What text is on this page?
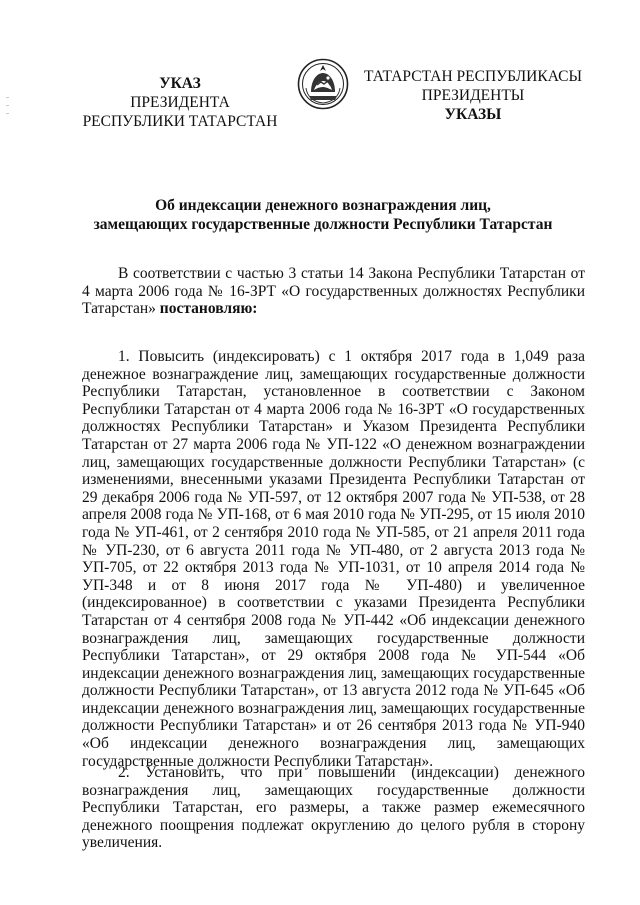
УКАЗ
ПРЕЗИДЕНТА
РЕСПУБЛИКИ ТАТАРСТАН
ТАТАРСТАН РЕСПУБЛИКАСЫ
ПРЕЗИДЕНТЫ
УКАЗЫ
Об индексации денежного вознаграждения лиц,
замещающих государственные должности Республики Татарстан

В соответствии с частью 3 статьи 14 Закона Республики Татарстан от 4 марта 2006 года № 16-ЗРТ «О государственных должностях Республики Татарстан» постановляю:

1. Повысить (индексировать) с 1 октября 2017 года в 1,049 раза денежное вознаграждение лиц, замещающих государственные должности Республики Татарстан, установленное в соответствии с Законом Республики Татарстан от 4 марта 2006 года № 16-ЗРТ «О государственных должностях Республики Татарстан» и Указом Президента Республики Татарстан от 27 марта 2006 года № УП-122 «О денежном вознаграждении лиц, замещающих государственные должности Республики Татарстан» (с изменениями, внесенными указами Президента Республики Татарстан от 29 декабря 2006 года № УП-597, от 12 октября 2007 года № УП-538, от 28 апреля 2008 года № УП-168, от 6 мая 2010 года № УП-295, от 15 июля 2010 года № УП-461, от 2 сентября 2010 года № УП-585, от 21 апреля 2011 года № УП-230, от 6 августа 2011 года № УП-480, от 2 августа 2013 года № УП-705, от 22 октября 2013 года № УП-1031, от 10 апреля 2014 года № УП-348 и от 8 июня 2017 года № УП-480) и увеличенное (индексированное) в соответствии с указами Президента Республики Татарстан от 4 сентября 2008 года № УП-442 «Об индексации денежного вознаграждения лиц, замещающих государственные должности Республики Татарстан», от 29 октября 2008 года № УП-544 «Об индексации денежного вознаграждения лиц, замещающих государственные должности Республики Татарстан», от 13 августа 2012 года № УП-645 «Об индексации денежного вознаграждения лиц, замещающих государственные должности Республики Татарстан» и от 26 сентября 2013 года № УП-940 «Об индексации денежного вознаграждения лиц, замещающих государственные должности Республики Татарстан».

2. Установить, что при повышении (индексации) денежного вознаграждения лиц, замещающих государственные должности Республики Татарстан, его размеры, а также размер ежемесячного денежного поощрения подлежат округлению до целого рубля в сторону увеличения.
